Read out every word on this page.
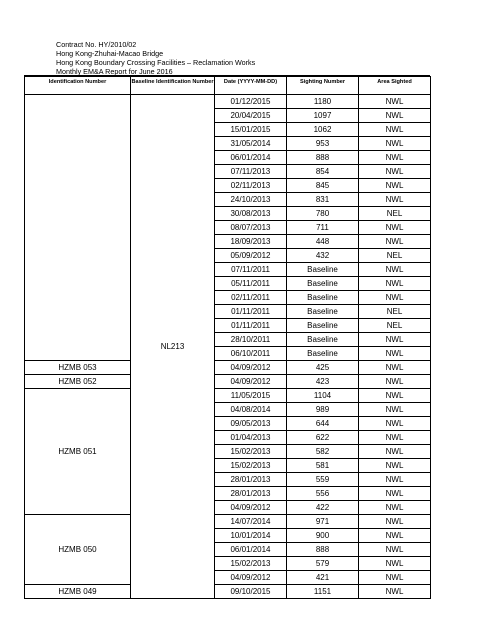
Contract No. HY/2010/02
Hong Kong-Zhuhai-Macao Bridge
Hong Kong Boundary Crossing Facilities – Reclamation Works
Monthly EM&A Report for June 2016
Identification Number	Baseline Identification Number	Date (YYYY-MM-DD)	Sighting Number	Area Sighted
	NL213	01/12/2015	1180	NWL
		20/04/2015	1097	NWL
		15/01/2015	1062	NWL
		31/05/2014	953	NWL
		06/01/2014	888	NWL
		07/11/2013	854	NWL
		02/11/2013	845	NWL
		24/10/2013	831	NWL
		30/08/2013	780	NEL
		08/07/2013	711	NWL
		18/09/2013	448	NWL
		05/09/2012	432	NEL
		07/11/2011	Baseline	NWL
		05/11/2011	Baseline	NWL
		02/11/2011	Baseline	NWL
		01/11/2011	Baseline	NEL
		01/11/2011	Baseline	NEL
		28/10/2011	Baseline	NWL
		06/10/2011	Baseline	NWL
HZMB 053		04/09/2012	425	NWL
HZMB 052		04/09/2012	423	NWL
HZMB 051		11/05/2015	1104	NWL
		04/08/2014	989	NWL
		09/05/2013	644	NWL
		01/04/2013	622	NWL
		15/02/2013	582	NWL
		15/02/2013	581	NWL
		28/01/2013	559	NWL
		28/01/2013	556	NWL
		04/09/2012	422	NWL
HZMB 050		14/07/2014	971	NWL
		10/01/2014	900	NWL
		06/01/2014	888	NWL
		15/02/2013	579	NWL
		04/09/2012	421	NWL
HZMB 049		09/10/2015	1151	NWL
